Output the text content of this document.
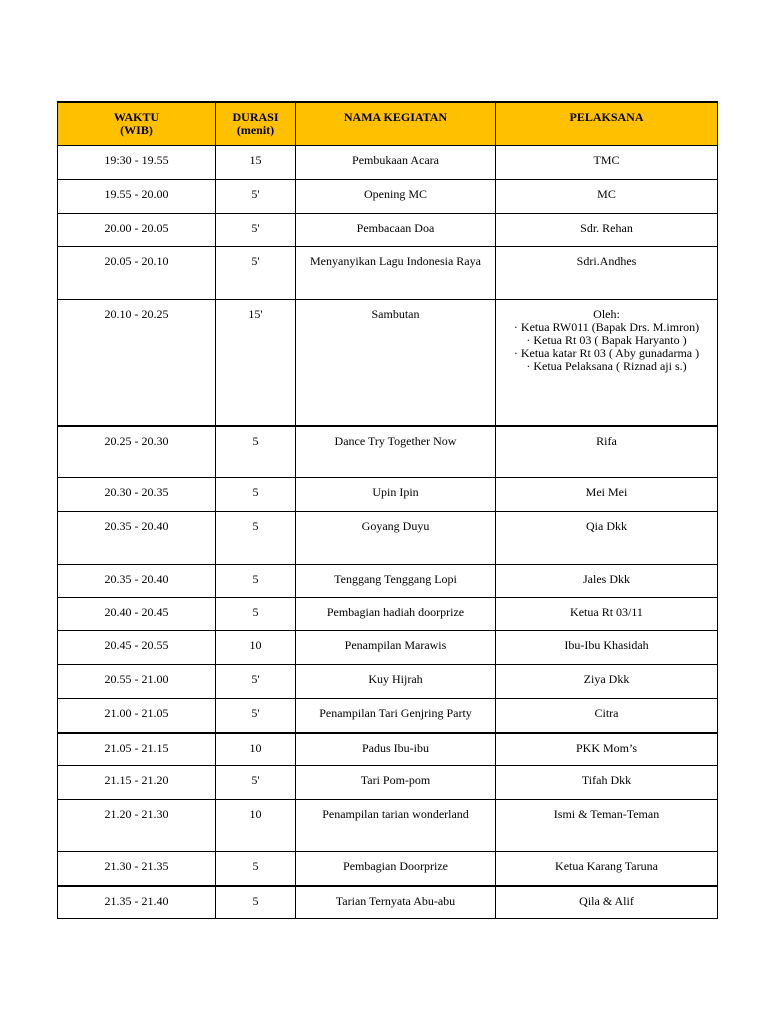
WAKTU
(WIB)	DURASI
(menit)	NAMA KEGIATAN	PELAKSANA
19:30 - 19.55	15	Pembukaan Acara	TMC
19.55 - 20.00	5'	Opening MC	MC
20.00 - 20.05	5'	Pembacaan Doa	Sdr. Rehan
20.05 - 20.10	5'	Menyanyikan Lagu Indonesia Raya	Sdri.Andhes
20.10 - 20.25	15'	Sambutan	Oleh:
· Ketua RW011 (Bapak Drs. M.imron)
· Ketua Rt 03 ( Bapak Haryanto )
· Ketua katar Rt 03 ( Aby gunadarma )
· Ketua Pelaksana ( Riznad aji s.)

20.25 - 20.30	5	Dance Try Together Now	Rifa
20.30 - 20.35	5	Upin Ipin	Mei Mei
20.35 - 20.40	5	Goyang Duyu	Qia Dkk
20.35 - 20.40	5	Tenggang Tenggang Lopi	Jales Dkk
20.40 - 20.45	5	Pembagian hadiah doorprize	Ketua Rt 03/11
20.45 - 20.55	10	Penampilan Marawis	Ibu-Ibu Khasidah
20.55 - 21.00	5'	Kuy Hijrah	Ziya Dkk
21.00 - 21.05	5'	Penampilan Tari Genjring Party	Citra
21.05 - 21.15	10	Padus Ibu-ibu	PKK Mom’s
21.15 - 21.20	5'	Tari Pom-pom	Tifah Dkk
21.20 - 21.30	10	Penampilan tarian wonderland	Ismi & Teman-Teman
21.30 - 21.35	5	Pembagian Doorprize	Ketua Karang Taruna
21.35 - 21.40	5	Tarian Ternyata Abu-abu	Qila & Alif
